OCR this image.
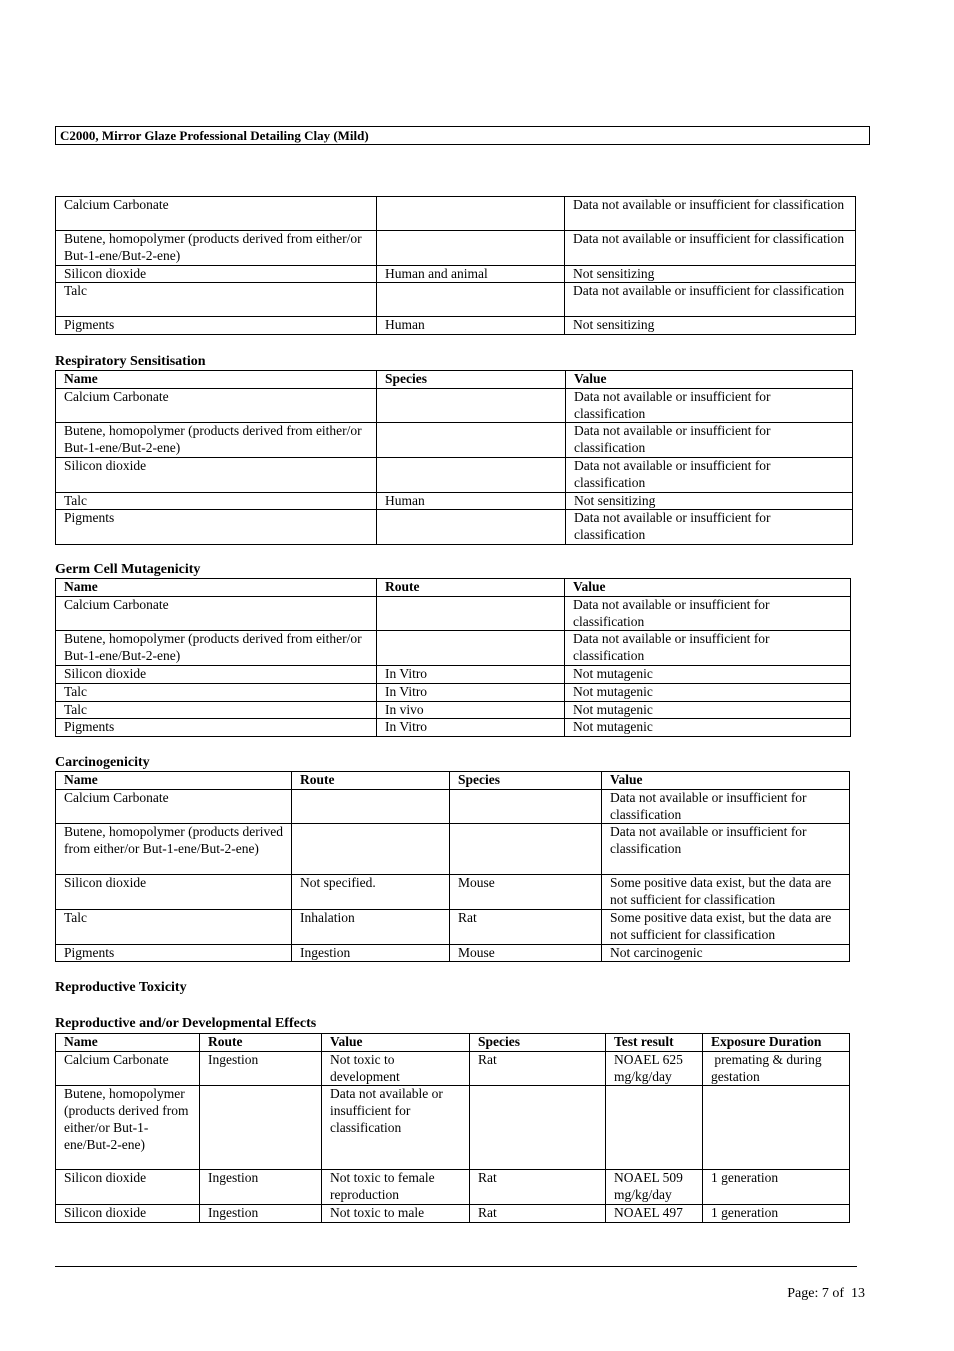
C2000, Mirror Glaze Professional Detailing Clay (Mild)
Calcium Carbonate		Data not available or insufficient for classification
Butene, homopolymer (products derived from either/or But-1-ene/But-2-ene)		Data not available or insufficient for classification
Silicon dioxide	Human and animal	Not sensitizing
Talc		Data not available or insufficient for classification
Pigments	Human	Not sensitizing
Respiratory Sensitisation
Name	Species	Value
Calcium Carbonate		Data not available or insufficient for classification
Butene, homopolymer (products derived from either/or But-1-ene/But-2-ene)		Data not available or insufficient for classification
Silicon dioxide		Data not available or insufficient for classification
Talc	Human	Not sensitizing
Pigments		Data not available or insufficient for classification
Germ Cell Mutagenicity
Name	Route	Value
Calcium Carbonate		Data not available or insufficient for classification
Butene, homopolymer (products derived from either/or But-1-ene/But-2-ene)		Data not available or insufficient for classification
Silicon dioxide	In Vitro	Not mutagenic
Talc	In Vitro	Not mutagenic
Talc	In vivo	Not mutagenic
Pigments	In Vitro	Not mutagenic
Carcinogenicity
Name	Route	Species	Value
Calcium Carbonate			Data not available or insufficient for classification
Butene, homopolymer (products derived from either/or But-1-ene/But-2-ene)			Data not available or insufficient for classification
Silicon dioxide	Not specified.	Mouse	Some positive data exist, but the data are not sufficient for classification
Talc	Inhalation	Rat	Some positive data exist, but the data are not sufficient for classification
Pigments	Ingestion	Mouse	Not carcinogenic
Reproductive Toxicity
Reproductive and/or Developmental Effects
Name	Route	Value	Species	Test result	Exposure Duration
Calcium Carbonate	Ingestion	Not toxic to development	Rat	NOAEL 625 mg/kg/day	premating & during gestation
Butene, homopolymer (products derived from either/or But-1-ene/But-2-ene)		Data not available or insufficient for classification			
Silicon dioxide	Ingestion	Not toxic to female reproduction	Rat	NOAEL 509 mg/kg/day	1 generation
Silicon dioxide	Ingestion	Not toxic to male	Rat	NOAEL 497	1 generation
Page: 7 of  13
